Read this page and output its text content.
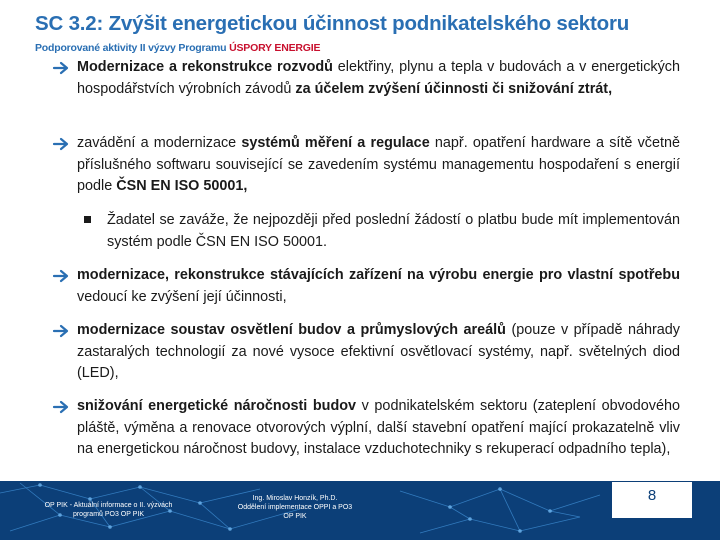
SC 3.2: Zvýšit energetickou účinnost podnikatelského sektoru
Podporované aktivity II výzvy Programu ÚSPORY ENERGIE
Modernizace a rekonstrukce rozvodů elektřiny, plynu a tepla v budovách a v energetických hospodářstvích výrobních závodů za účelem zvýšení účinnosti či snižování ztrát,
zavádění a modernizace systémů měření a regulace např. opatření hardware a sítě včetně příslušného softwaru související se zavedením systému managementu hospodaření s energií podle ČSN EN ISO 50001,
Žadatel se zaváže, že nejpozději před poslední žádostí o platbu bude mít implementován systém podle ČSN EN ISO 50001.
modernizace, rekonstrukce stávajících zařízení na výrobu energie pro vlastní spotřebu vedoucí ke zvýšení její účinnosti,
modernizace soustav osvětlení budov a průmyslových areálů (pouze v případě náhrady zastaralých technologií za nové vysoce efektivní osvětlovací systémy, např. světelných diod (LED),
snižování energetické náročnosti budov v podnikatelském sektoru (zateplení obvodového pláště, výměna a renovace otvorových výplní, další stavební opatření mající prokazatelně vliv na energetickou náročnost budovy, instalace vzduchotechniky s rekuperací odpadního tepla),
OP PIK - Aktuální informace o II. výzvách
programů PO3 OP PIK
Ing. Miroslav Honzík, Ph.D.
Oddělení implementace OPPI a PO3
OP PIK
8
